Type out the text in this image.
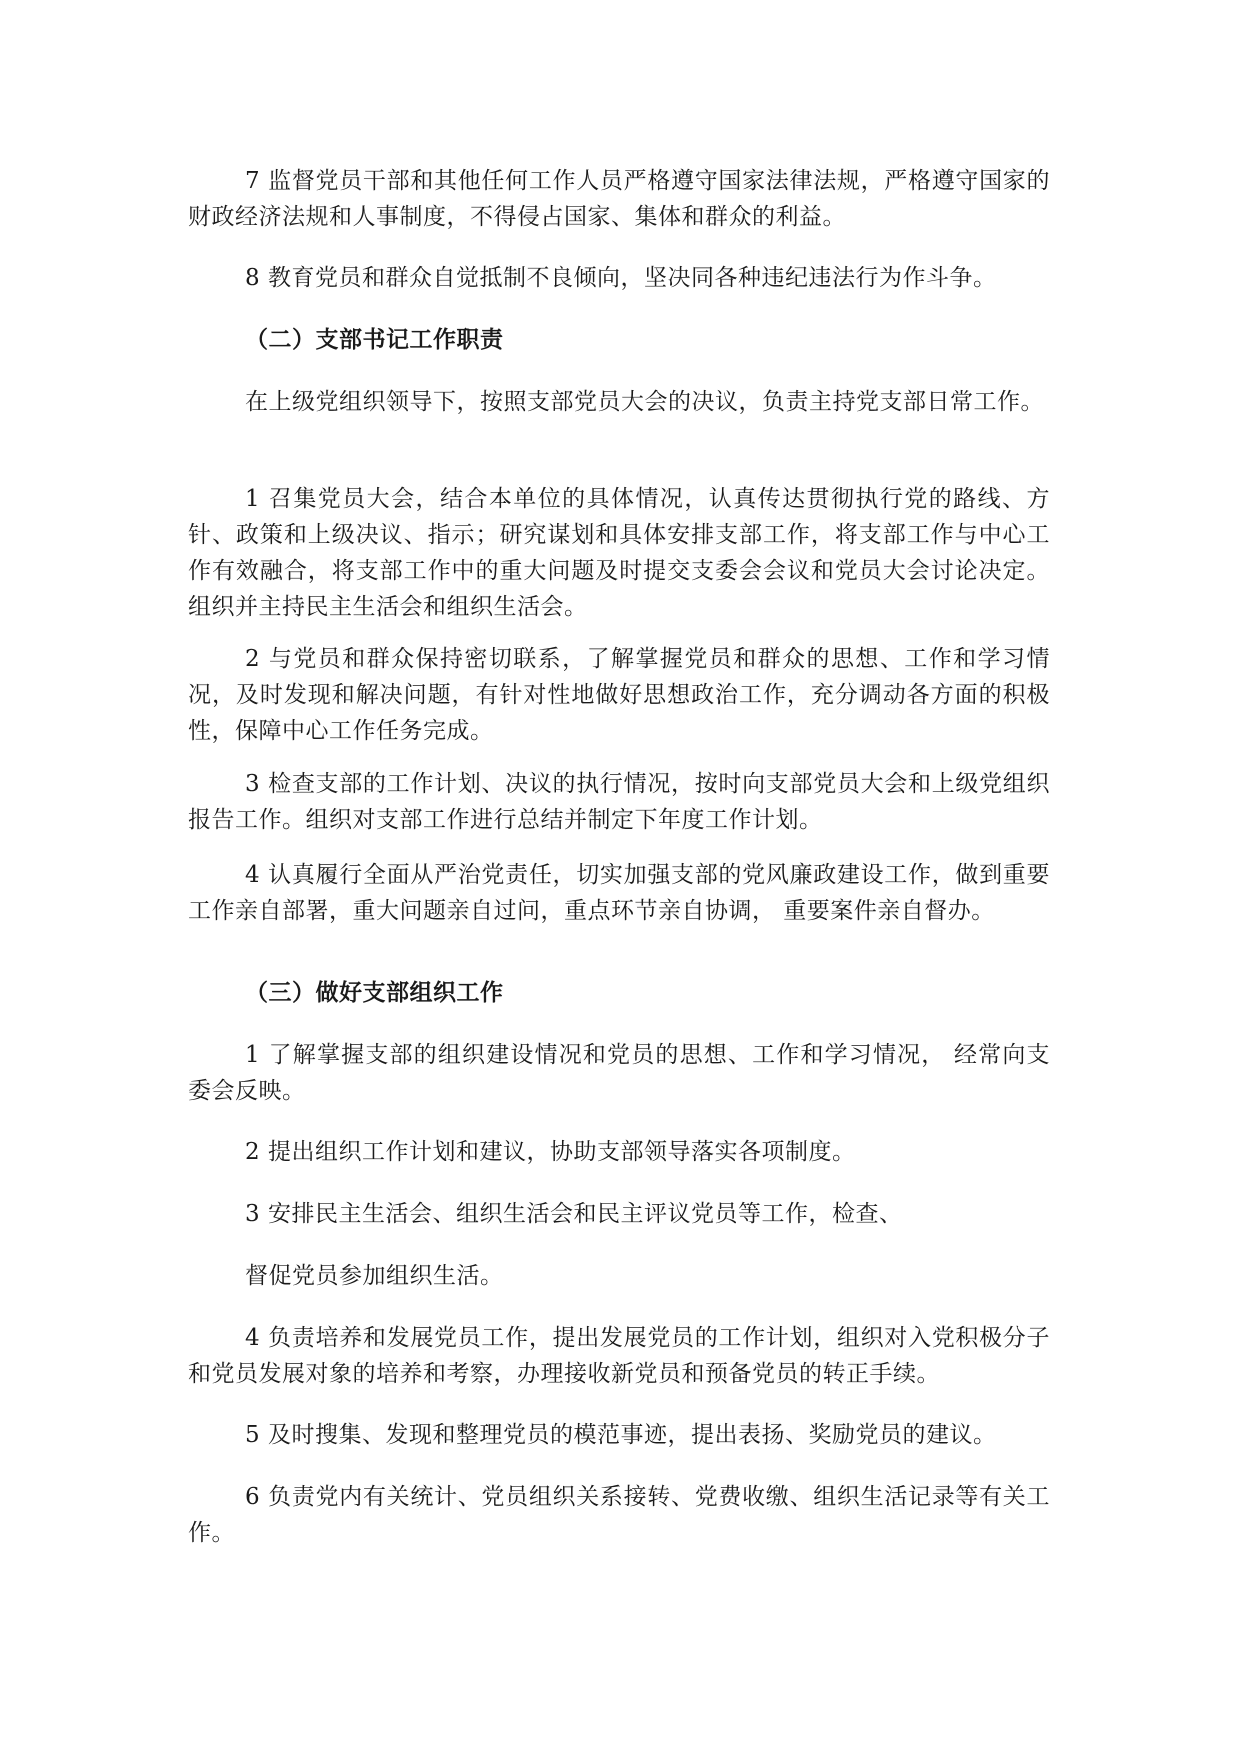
7 监督党员干部和其他任何工作人员严格遵守国家法律法规，严格遵守国家的财政经济法规和人事制度，不得侵占国家、集体和群众的利益。

8 教育党员和群众自觉抵制不良倾向，坚决同各种违纪违法行为作斗争。

（二）支部书记工作职责

在上级党组织领导下，按照支部党员大会的决议，负责主持党支部日常工作。

1 召集党员大会，结合本单位的具体情况，认真传达贯彻执行党的路线、方针、政策和上级决议、指示；研究谋划和具体安排支部工作，将支部工作与中心工作有效融合，将支部工作中的重大问题及时提交支委会会议和党员大会讨论决定。组织并主持民主生活会和组织生活会。

2 与党员和群众保持密切联系，了解掌握党员和群众的思想、工作和学习情况，及时发现和解决问题，有针对性地做好思想政治工作，充分调动各方面的积极性，保障中心工作任务完成。

3 检查支部的工作计划、决议的执行情况，按时向支部党员大会和上级党组织报告工作。组织对支部工作进行总结并制定下年度工作计划。

4 认真履行全面从严治党责任，切实加强支部的党风廉政建设工作，做到重要工作亲自部署，重大问题亲自过问，重点环节亲自协调， 重要案件亲自督办。

（三）做好支部组织工作

1 了解掌握支部的组织建设情况和党员的思想、工作和学习情况， 经常向支委会反映。

2 提出组织工作计划和建议，协助支部领导落实各项制度。

3 安排民主生活会、组织生活会和民主评议党员等工作，检查、

督促党员参加组织生活。

4 负责培养和发展党员工作，提出发展党员的工作计划，组织对入党积极分子和党员发展对象的培养和考察，办理接收新党员和预备党员的转正手续。

5 及时搜集、发现和整理党员的模范事迹，提出表扬、奖励党员的建议。

6 负责党内有关统计、党员组织关系接转、党费收缴、组织生活记录等有关工作。
